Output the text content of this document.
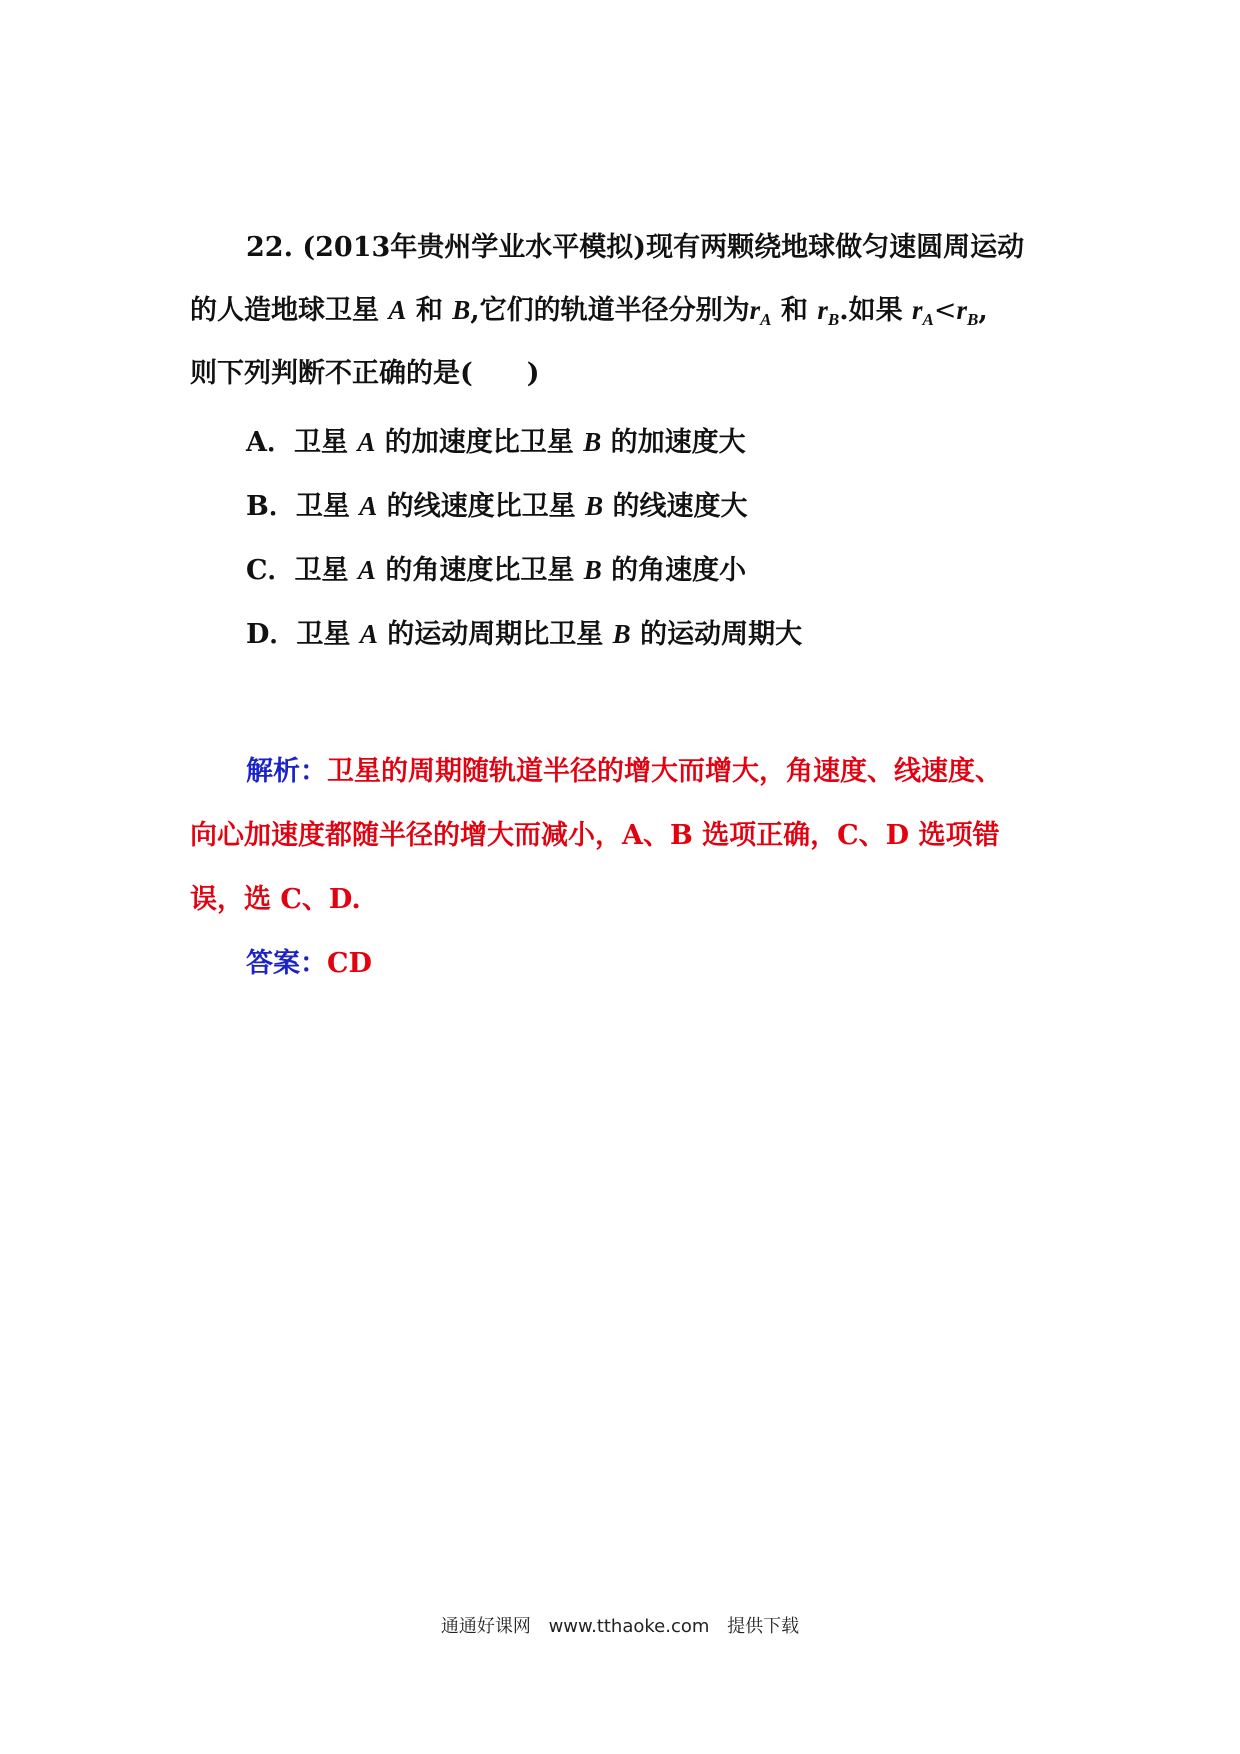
22. (2013年贵州学业水平模拟)现有两颗绕地球做匀速圆周运动
的人造地球卫星 A 和 B,它们的轨道半径分别为$r_A$ 和 $r_B$.如果 $r_A<r_B$,
则下列判断不正确的是(　　)
A．卫星 A 的加速度比卫星 B 的加速度大
B．卫星 A 的线速度比卫星 B 的线速度大
C．卫星 A 的角速度比卫星 B 的角速度小
D．卫星 A 的运动周期比卫星 B 的运动周期大
解析：卫星的周期随轨道半径的增大而增大，角速度、线速度、
向心加速度都随半径的增大而减小，A、B 选项正确，C、D 选项错
误，选 C、D.
答案：CD
通通好课网 www.tthaoke.com 提供下载
